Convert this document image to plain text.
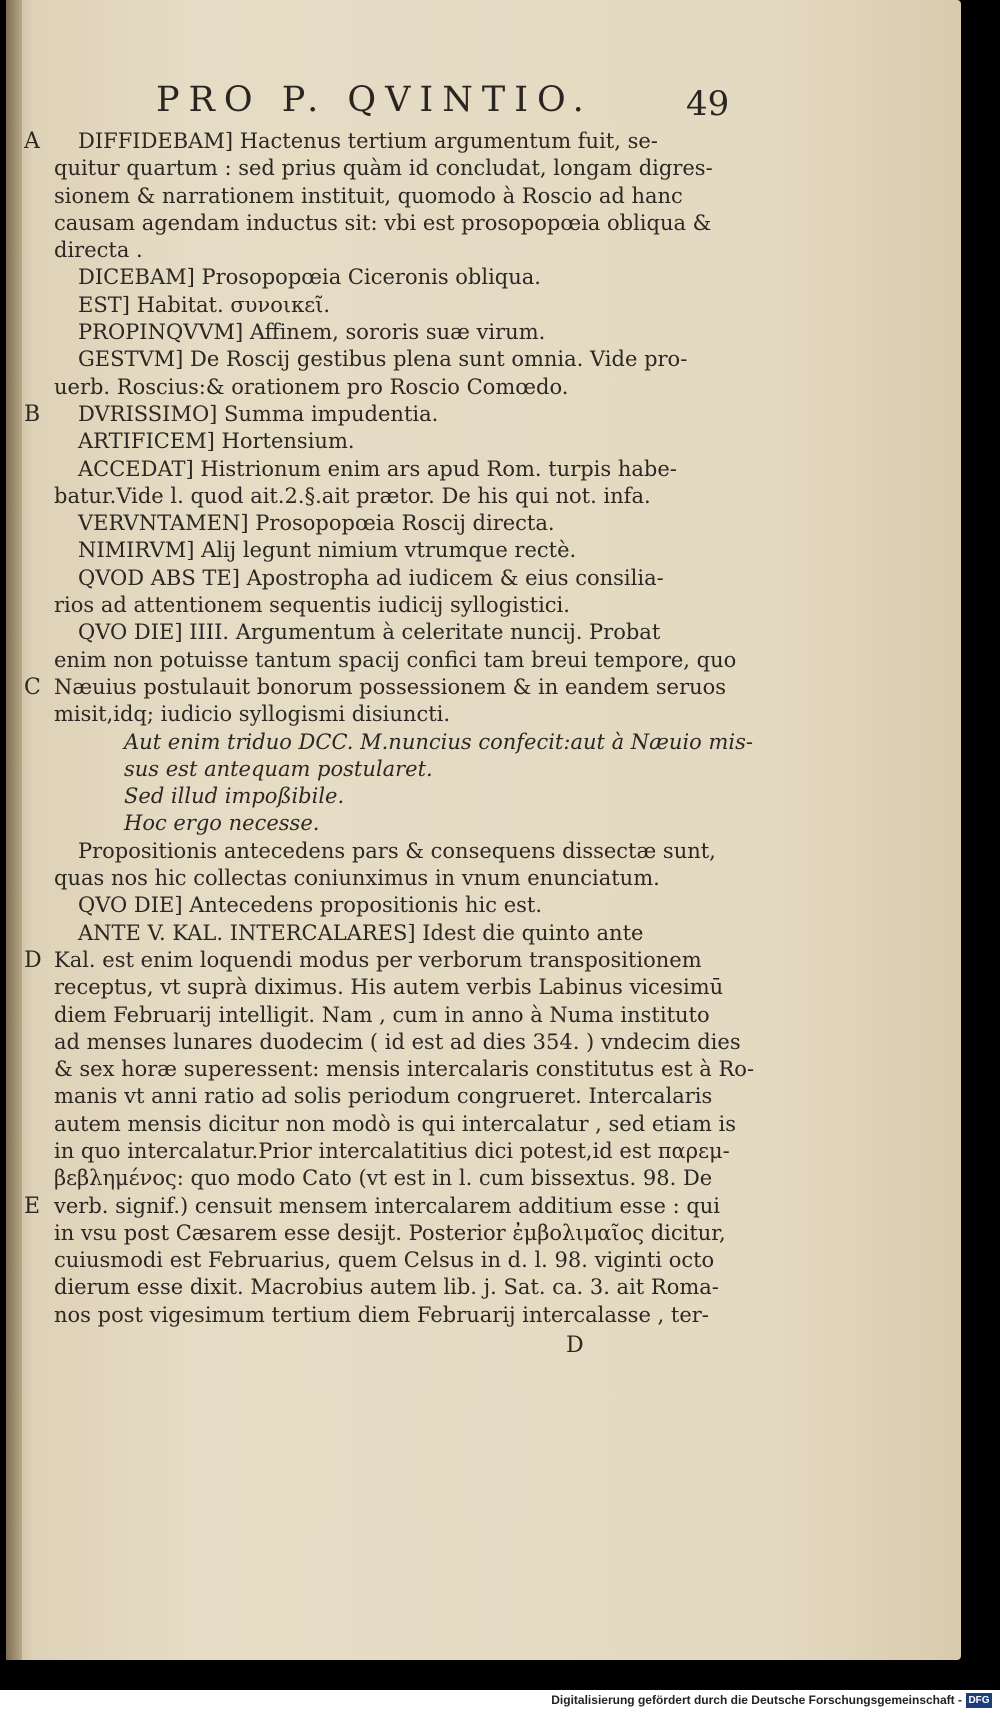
PRO P. QVINTIO.	49
A DIFFIDEBAM] Hactenus tertium argumentum fuit, se-
quitur quartum : sed prius quàm id concludat, longam digres-
sionem & narrationem instituit, quomodo à Roscio ad hanc
causam agendam inductus sit: vbi est prosopopœia obliqua &
directa .
DICEBAM] Prosopopœia Ciceronis obliqua.
EST] Habitat. συνοικεῖ.
PROPINQVVM] Affinem, sororis suæ virum.
GESTVM] De Roscij gestibus plena sunt omnia. Vide pro-
uerb. Roscius:& orationem pro Roscio Comœdo.
B DVRISSIMO] Summa impudentia.
ARTIFICEM] Hortensium.
ACCEDAT] Histrionum enim ars apud Rom. turpis habe-
batur.Vide l. quod ait.2.§.ait prætor. De his qui not. infa.
VERVNTAMEN] Prosopopœia Roscij directa.
NIMIRVM] Alij legunt nimium vtrumque rectè.
QVOD ABS TE] Apostropha ad iudicem & eius consilia-
rios ad attentionem sequentis iudicij syllogistici.
QVO DIE] IIII. Argumentum à celeritate nuncij. Probat
enim non potuisse tantum spacij confici tam breui tempore, quo
C Næuius postulauit bonorum possessionem & in eandem seruos
misit,idq; iudicio syllogismi disiuncti.
Aut enim triduo DCC. M.nuncius confecit:aut à Næuio mis-
sus est antequam postularet.
Sed illud impoßibile.
Hoc ergo necesse.
Propositionis antecedens pars & consequens dissectæ sunt,
quas nos hic collectas coniunximus in vnum enunciatum.
QVO DIE] Antecedens propositionis hic est.
ANTE V. KAL. INTERCALARES] Idest die quinto ante
D Kal. est enim loquendi modus per verborum transpositionem
receptus, vt suprà diximus. His autem verbis Labinus vicesimū
diem Februarij intelligit. Nam , cum in anno à Numa instituto
ad menses lunares duodecim ( id est ad dies 354. ) vndecim dies
& sex horæ superessent: mensis intercalaris constitutus est à Ro-
manis vt anni ratio ad solis periodum congrueret. Intercalaris
autem mensis dicitur non modò is qui intercalatur , sed etiam is
in quo intercalatur.Prior intercalatitius dici potest,id est παρεμ-
βεβλημένος: quo modo Cato (vt est in l. cum bissextus. 98. De
E verb. signif.) censuit mensem intercalarem additium esse : qui
in vsu post Cæsarem esse desijt. Posterior ἐμβολιμαῖος dicitur,
cuiusmodi est Februarius, quem Celsus in d. l. 98. viginti octo
dierum esse dixit. Macrobius autem lib. j. Sat. ca. 3. ait Roma-
nos post vigesimum tertium diem Februarij intercalasse , ter-
D
Digitalisierung gefördert durch die Deutsche Forschungsgemeinschaft - DFG
